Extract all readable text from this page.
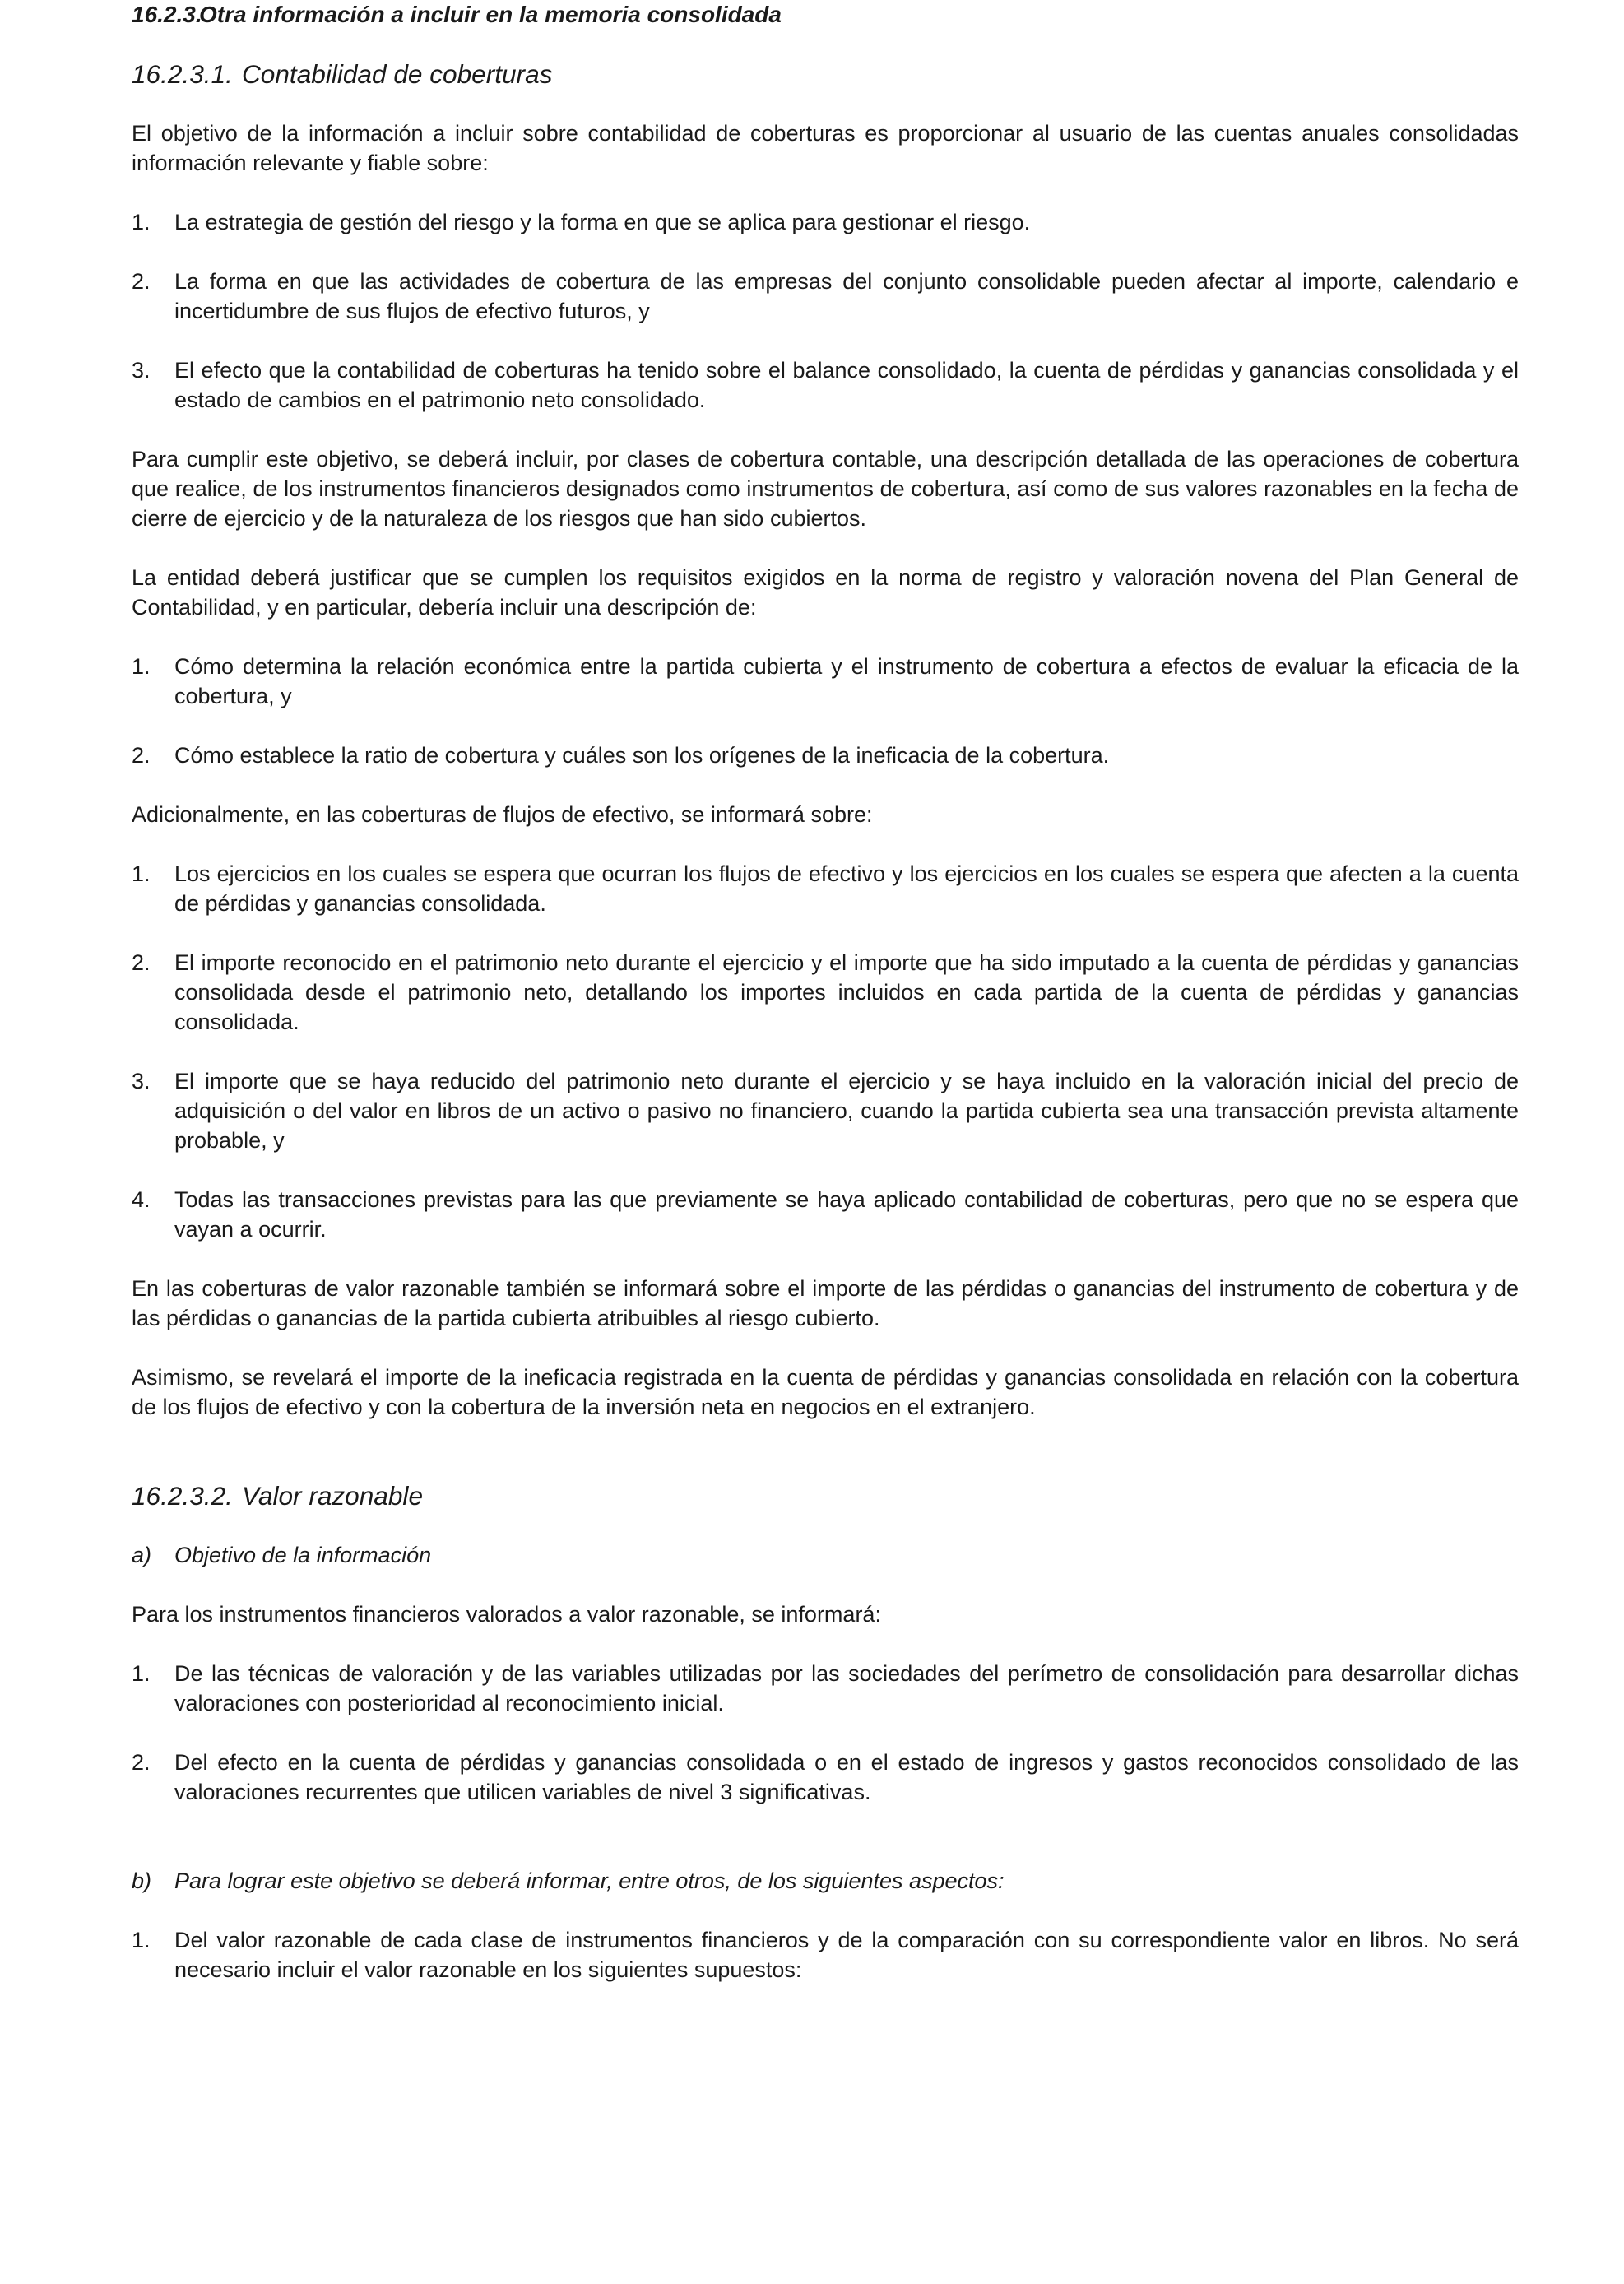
16.2.3.Otra información a incluir en la memoria consolidada
16.2.3.1. Contabilidad de coberturas

El objetivo de la información a incluir sobre contabilidad de coberturas es proporcionar al usuario de las cuentas anuales consolidadas información relevante y fiable sobre:

1. La estrategia de gestión del riesgo y la forma en que se aplica para gestionar el riesgo.
2. La forma en que las actividades de cobertura de las empresas del conjunto consolidable pueden afectar al importe, calendario e incertidumbre de sus flujos de efectivo futuros, y
3. El efecto que la contabilidad de coberturas ha tenido sobre el balance consolidado, la cuenta de pérdidas y ganancias consolidada y el estado de cambios en el patrimonio neto consolidado.

Para cumplir este objetivo, se deberá incluir, por clases de cobertura contable, una descripción detallada de las operaciones de cobertura que realice, de los instrumentos financieros designados como instrumentos de cobertura, así como de sus valores razonables en la fecha de cierre de ejercicio y de la naturaleza de los riesgos que han sido cubiertos.

La entidad deberá justificar que se cumplen los requisitos exigidos en la norma de registro y valoración novena del Plan General de Contabilidad, y en particular, debería incluir una descripción de:

1. Cómo determina la relación económica entre la partida cubierta y el instrumento de cobertura a efectos de evaluar la eficacia de la cobertura, y
2. Cómo establece la ratio de cobertura y cuáles son los orígenes de la ineficacia de la cobertura.

Adicionalmente, en las coberturas de flujos de efectivo, se informará sobre:

1. Los ejercicios en los cuales se espera que ocurran los flujos de efectivo y los ejercicios en los cuales se espera que afecten a la cuenta de pérdidas y ganancias consolidada.
2. El importe reconocido en el patrimonio neto durante el ejercicio y el importe que ha sido imputado a la cuenta de pérdidas y ganancias consolidada desde el patrimonio neto, detallando los importes incluidos en cada partida de la cuenta de pérdidas y ganancias consolidada.
3. El importe que se haya reducido del patrimonio neto durante el ejercicio y se haya incluido en la valoración inicial del precio de adquisición o del valor en libros de un activo o pasivo no financiero, cuando la partida cubierta sea una transacción prevista altamente probable, y
4. Todas las transacciones previstas para las que previamente se haya aplicado contabilidad de coberturas, pero que no se espera que vayan a ocurrir.

En las coberturas de valor razonable también se informará sobre el importe de las pérdidas o ganancias del instrumento de cobertura y de las pérdidas o ganancias de la partida cubierta atribuibles al riesgo cubierto.

Asimismo, se revelará el importe de la ineficacia registrada en la cuenta de pérdidas y ganancias consolidada en relación con la cobertura de los flujos de efectivo y con la cobertura de la inversión neta en negocios en el extranjero.

16.2.3.2. Valor razonable
a) Objetivo de la información

Para los instrumentos financieros valorados a valor razonable, se informará:

1. De las técnicas de valoración y de las variables utilizadas por las sociedades del perímetro de consolidación para desarrollar dichas valoraciones con posterioridad al reconocimiento inicial.
2. Del efecto en la cuenta de pérdidas y ganancias consolidada o en el estado de ingresos y gastos reconocidos consolidado de las valoraciones recurrentes que utilicen variables de nivel 3 significativas.
b) Para lograr este objetivo se deberá informar, entre otros, de los siguientes aspectos:
1. Del valor razonable de cada clase de instrumentos financieros y de la comparación con su correspondiente valor en libros. No será necesario incluir el valor razonable en los siguientes supuestos:
